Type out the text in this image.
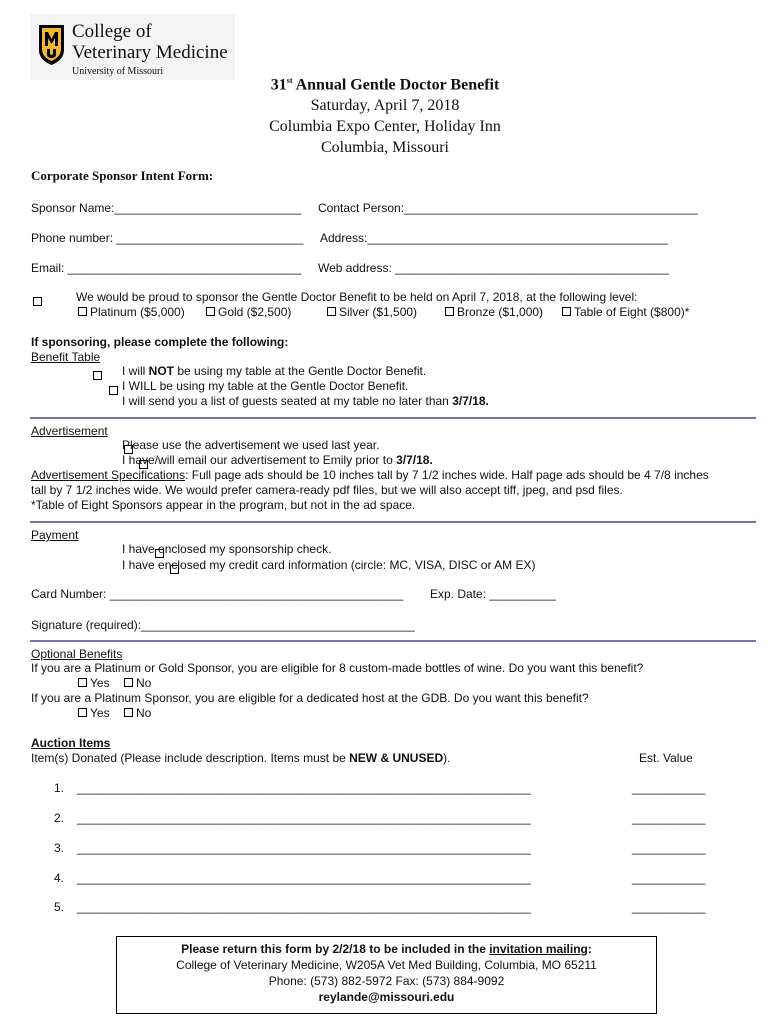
College of
Veterinary Medicine
University of Missouri
31st Annual Gentle Doctor Benefit
Saturday, April 7, 2018
Columbia Expo Center, Holiday Inn
Columbia, Missouri
Corporate Sponsor Intent Form:
Sponsor Name:____________________________ Contact Person:____________________________________________
Phone number: ____________________________ Address:_____________________________________________
Email: ___________________________________ Web address: _________________________________________

We would be proud to sponsor the Gentle Doctor Benefit to be held on April 7, 2018, at the following level:
Platinum ($5,000)	Gold ($2,500)	Silver ($1,500)	Bronze ($1,000)	Table of Eight ($800)*
If sponsoring, please complete the following:
Benefit Table

I will NOT be using my table at the Gentle Doctor Benefit.

I WILL be using my table at the Gentle Doctor Benefit.
I will send you a list of guests seated at my table no later than 3/7/18.
Advertisement

Please use the advertisement we used last year.

I have/will email our advertisement to Emily prior to 3/7/18.
Advertisement Specifications: Full page ads should be 10 inches tall by 7 1/2 inches wide. Half page ads should be 4 7/8 inches
tall by 7 1/2 inches wide. We would prefer camera-ready pdf files, but we will also accept tiff, jpeg, and psd files.
*Table of Eight Sponsors appear in the program, but not in the ad space.
Payment

I have enclosed my sponsorship check.
I have enclosed my credit card information (circle: MC, VISA, DISC or AM EX)
Card Number: ____________________________________________ Exp. Date: __________
Signature (required):_________________________________________
Optional Benefits
If you are a Platinum or Gold Sponsor, you are eligible for 8 custom-made bottles of wine. Do you want this benefit?
Yes	No
If you are a Platinum Sponsor, you are eligible for a dedicated host at the GDB. Do you want this benefit?
Yes	No
Auction Items
Item(s) Donated (Please include description. Items must be NEW & UNUSED).	Est. Value
1. ____________________________________________________________________	___________
2. ____________________________________________________________________	___________
3. ____________________________________________________________________	___________
4. ____________________________________________________________________	___________
5. ____________________________________________________________________	___________
Please return this form by 2/2/18 to be included in the invitation mailing:
College of Veterinary Medicine, W205A Vet Med Building, Columbia, MO 65211
Phone: (573) 882-5972 Fax: (573) 884-9092
reylande@missouri.edu
